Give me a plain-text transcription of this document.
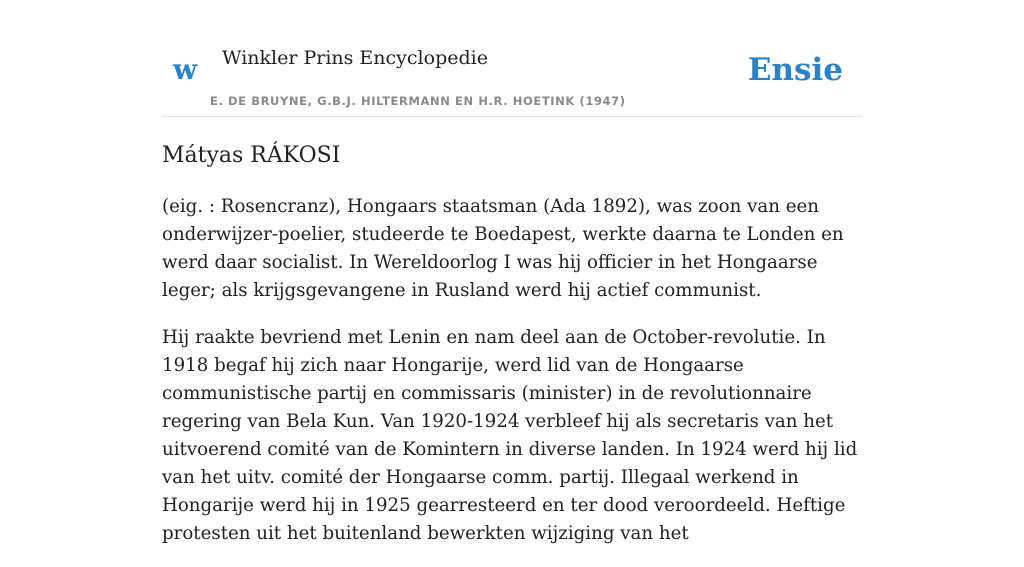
w Winkler Prins Encyclopedie
E. DE BRUYNE, G.B.J. HILTERMANN EN H.R. HOETINK (1947)
Ensie
Mátyas RÁKOSI

(eig. : Rosencranz), Hongaars staatsman (Ada 1892), was zoon van een onderwijzer-poelier, studeerde te Boedapest, werkte daarna te Londen en werd daar socialist. In Wereldoorlog I was hij officier in het Hongaarse leger; als krijgsgevangene in Rusland werd hij actief communist.

Hij raakte bevriend met Lenin en nam deel aan de October-revolutie. In 1918 begaf hij zich naar Hongarije, werd lid van de Hongaarse communistische partij en commissaris (minister) in de revolutionnaire regering van Bela Kun. Van 1920-1924 verbleef hij als secretaris van het uitvoerend comité van de Komintern in diverse landen. In 1924 werd hij lid van het uitv. comité der Hongaarse comm. partij. Illegaal werkend in Hongarije werd hij in 1925 gearresteerd en ter dood veroordeeld. Heftige protesten uit het buitenland bewerkten wijziging van het
